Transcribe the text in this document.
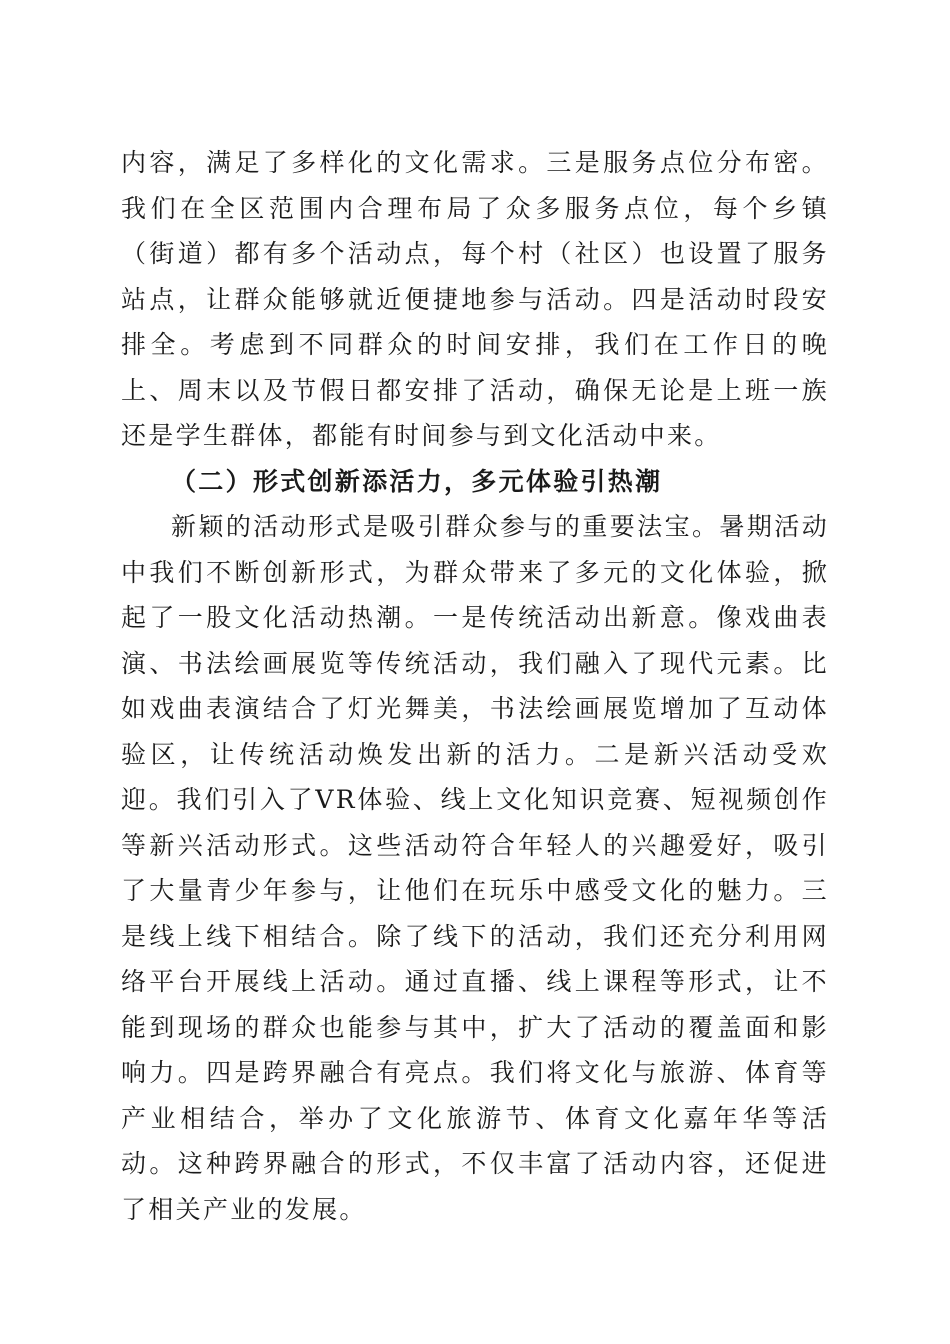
内容，满足了多样化的文化需求。三是服务点位分布密。我们在全区范围内合理布局了众多服务点位，每个乡镇（街道）都有多个活动点，每个村（社区）也设置了服务站点，让群众能够就近便捷地参与活动。四是活动时段安排全。考虑到不同群众的时间安排，我们在工作日的晚上、周末以及节假日都安排了活动，确保无论是上班一族还是学生群体，都能有时间参与到文化活动中来。

（二）形式创新添活力，多元体验引热潮

新颖的活动形式是吸引群众参与的重要法宝。暑期活动中我们不断创新形式，为群众带来了多元的文化体验，掀起了一股文化活动热潮。一是传统活动出新意。像戏曲表演、书法绘画展览等传统活动，我们融入了现代元素。比如戏曲表演结合了灯光舞美，书法绘画展览增加了互动体验区，让传统活动焕发出新的活力。二是新兴活动受欢迎。我们引入了VR体验、线上文化知识竞赛、短视频创作等新兴活动形式。这些活动符合年轻人的兴趣爱好，吸引了大量青少年参与，让他们在玩乐中感受文化的魅力。三是线上线下相结合。除了线下的活动，我们还充分利用网络平台开展线上活动。通过直播、线上课程等形式，让不能到现场的群众也能参与其中，扩大了活动的覆盖面和影响力。四是跨界融合有亮点。我们将文化与旅游、体育等产业相结合，举办了文化旅游节、体育文化嘉年华等活动。这种跨界融合的形式，不仅丰富了活动内容，还促进了相关产业的发展。
